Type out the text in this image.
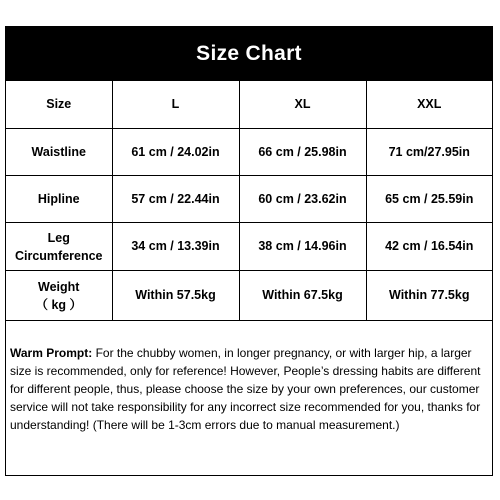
Size Chart
Size	L	XL	XXL

Waistline	61 cm / 24.02in	66 cm / 25.98in	71 cm/27.95in

Hipline	57 cm / 22.44in	60 cm / 23.62in	65 cm / 25.59in

Leg
Circumference	34 cm / 13.39in	38 cm / 14.96in	42 cm / 16.54in

Weight
（ kg ）	Within 57.5kg	Within 67.5kg	Within 77.5kg
Warm Prompt: For the chubby women, in longer pregnancy, or with larger hip, a larger size is recommended, only for reference! However, People’s dressing habits are different for different people, thus, please choose the size by your own preferences, our customer service will not take responsibility for any incorrect size recommended for you, thanks for understanding! (There will be 1-3cm errors due to manual measurement.)
